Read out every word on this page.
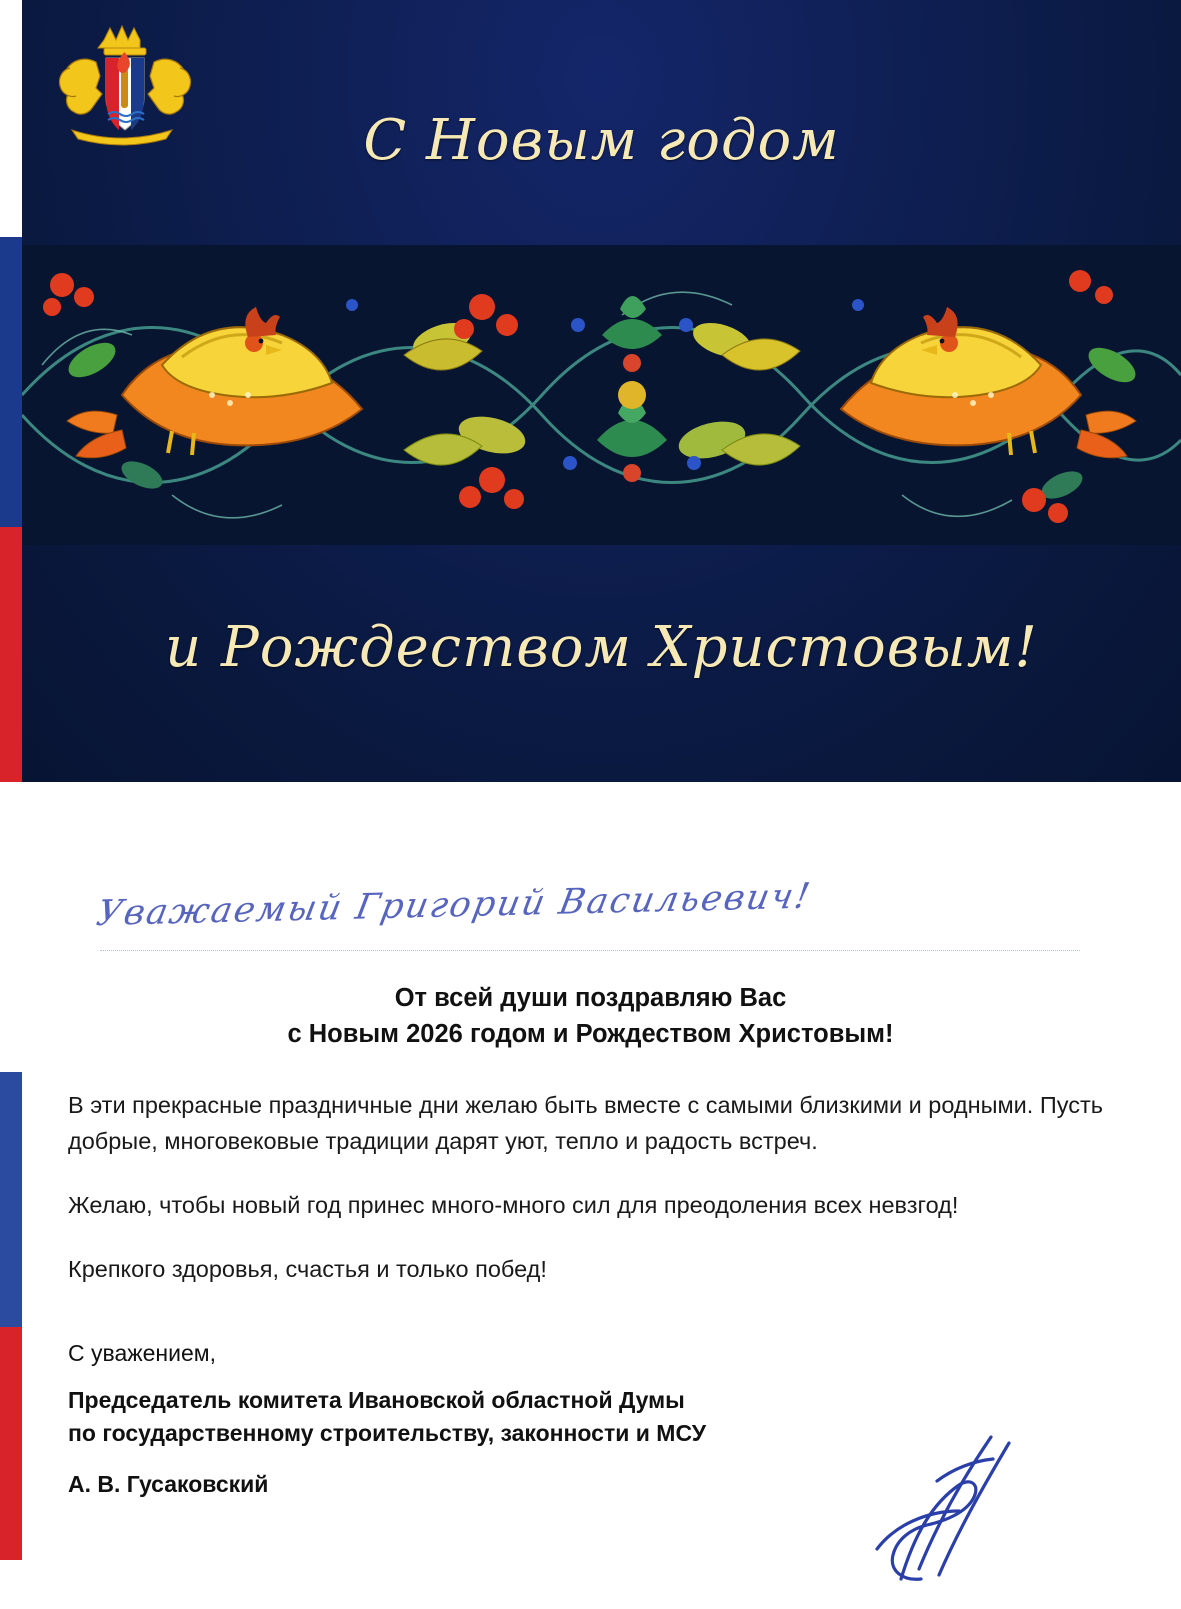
С Новым годом
и Рождеством Христовым!
Уважаемый Григорий Васильевич!
От всей души поздравляю Вас
с Новым 2026 годом и Рождеством Христовым!

В эти прекрасные праздничные дни желаю быть вместе с самыми близкими и родными. Пусть добрые, многовековые традиции дарят уют, тепло и радость встреч.

Желаю, чтобы новый год принес много-много сил для преодоления всех невзгод!

Крепкого здоровья, счастья и только побед!

С уважением,
Председатель комитета Ивановской областной Думы
по государственному строительству, законности и МСУ
А. В. Гусаковский
